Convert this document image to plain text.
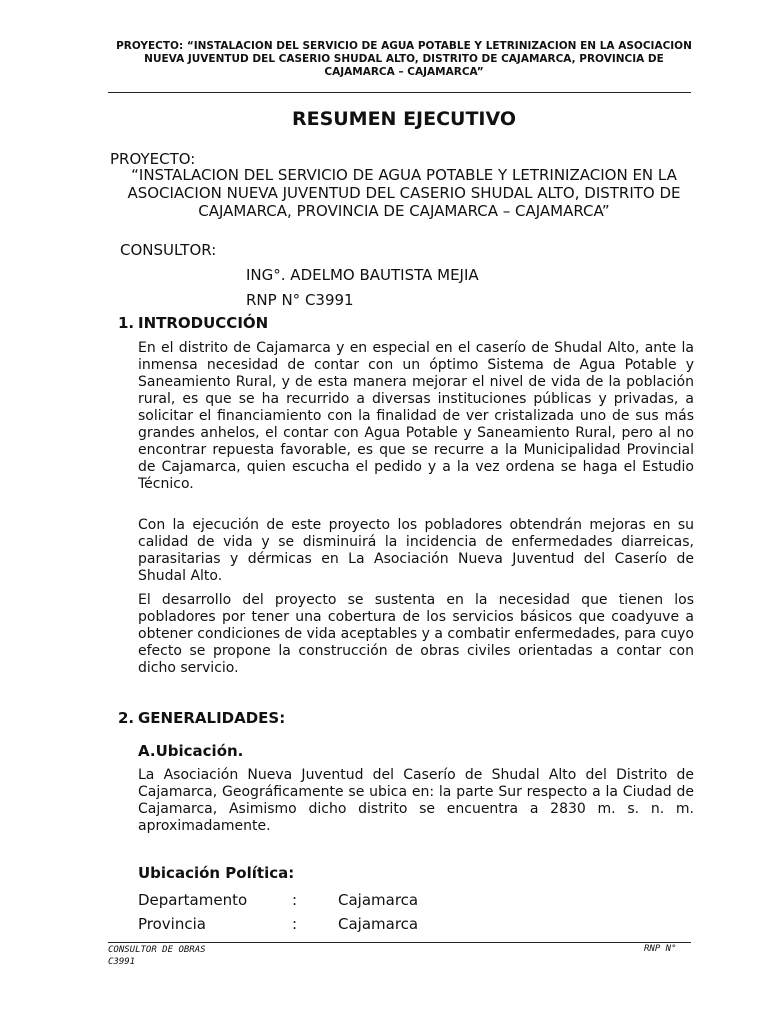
PROYECTO: “INSTALACION DEL SERVICIO DE AGUA POTABLE Y LETRINIZACION EN LA ASOCIACION NUEVA JUVENTUD DEL CASERIO SHUDAL ALTO, DISTRITO DE CAJAMARCA, PROVINCIA DE CAJAMARCA – CAJAMARCA”
RESUMEN EJECUTIVO
PROYECTO:
“INSTALACION DEL SERVICIO DE AGUA POTABLE Y LETRINIZACION EN LA ASOCIACION NUEVA JUVENTUD DEL CASERIO SHUDAL ALTO, DISTRITO DE CAJAMARCA, PROVINCIA DE CAJAMARCA – CAJAMARCA”
CONSULTOR:
ING°. ADELMO BAUTISTA MEJIA
RNP N° C3991
1. INTRODUCCIÓN

En el distrito de Cajamarca y en especial en el caserío de Shudal Alto, ante la inmensa necesidad de contar con un óptimo Sistema de Agua Potable y Saneamiento Rural, y de esta manera mejorar el nivel de vida de la población rural, es que se ha recurrido a diversas instituciones públicas y privadas, a solicitar el financiamiento con la finalidad de ver cristalizada uno de sus más grandes anhelos, el contar con Agua Potable y Saneamiento Rural, pero al no encontrar repuesta favorable, es que se recurre a la Municipalidad Provincial de Cajamarca, quien escucha el pedido y a la vez ordena se haga el Estudio Técnico.

Con la ejecución de este proyecto los pobladores obtendrán mejoras en su calidad de vida y se disminuirá la incidencia de enfermedades diarreicas, parasitarias y dérmicas en La Asociación Nueva Juventud del Caserío de Shudal Alto.

El desarrollo del proyecto se sustenta en la necesidad que tienen los pobladores por tener una cobertura de los servicios básicos que coadyuve a obtener condiciones de vida aceptables y a combatir enfermedades, para cuyo efecto se propone la construcción de obras civiles orientadas a contar con dicho servicio.

2. GENERALIDADES:
A.Ubicación.

La Asociación Nueva Juventud del Caserío de Shudal Alto del Distrito de Cajamarca, Geográficamente se ubica en: la parte Sur respecto a la Ciudad de Cajamarca, Asimismo dicho distrito se encuentra a 2830 m. s. n. m. aproximadamente.

Ubicación Política:
Departamento	:	Cajamarca
Provincia	:	Cajamarca
CONSULTOR DE OBRAS
C3991
RNP N°
